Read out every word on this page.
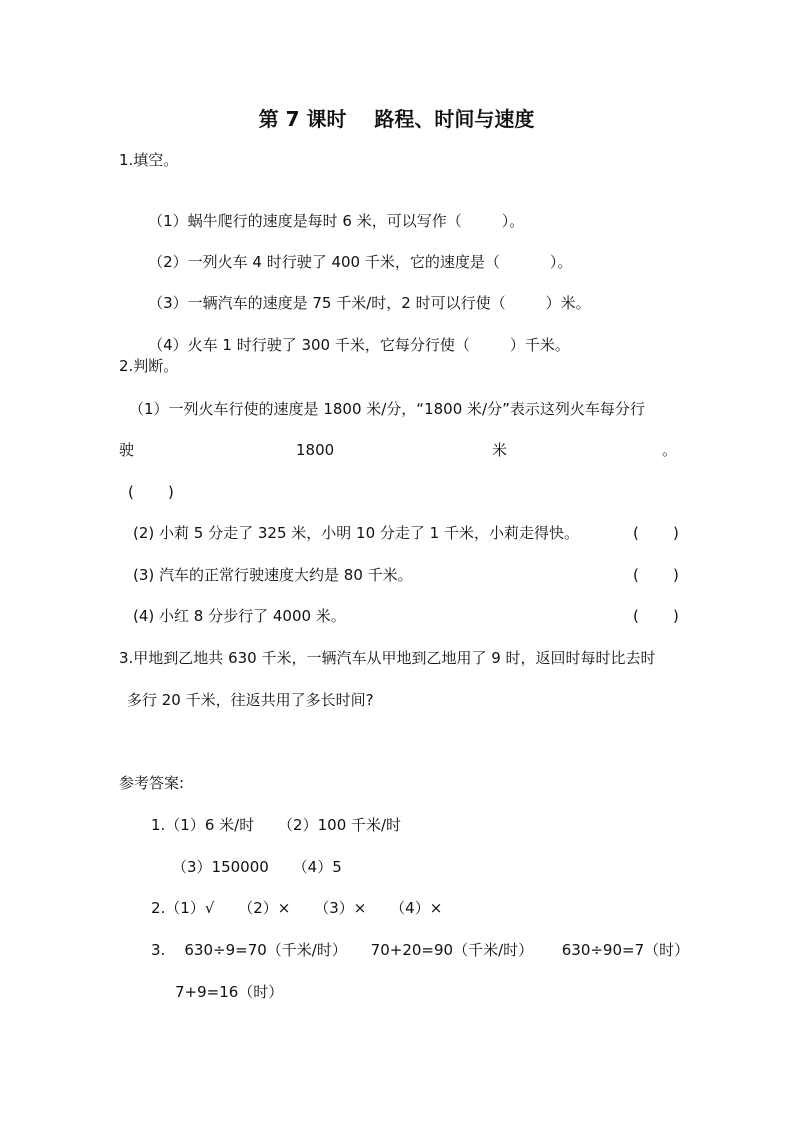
第 7 课时    路程、时间与速度
1.填空。

（1）蜗牛爬行的速度是每时 6 米，可以写作（	）。

（2）一列火车 4 时行驶了 400 千米，它的速度是（	）。

（3）一辆汽车的速度是 75 千米/时，2 时可以行使（	）米。

（4）火车 1 时行驶了 300 千米，它每分行使（	）千米。

2.判断。
（1）一列火车行使的速度是 1800 米/分，“1800 米/分”表示这列火车每分行
驶	1800	米	。
( )
(2) 小莉 5 分走了 325 米，小明 10 分走了 1 千米，小莉走得快。	( )
(3) 汽车的正常行驶速度大约是 80 千米。	( )
(4) 小红 8 分步行了 4000 米。	( )
3.甲地到乙地共 630 千米，一辆汽车从甲地到乙地用了 9 时，返回时每时比去时
多行 20 千米，往返共用了多长时间?
参考答案:
1.（1）6 米/时     （2）100 千米/时
（3）150000     （4）5
2.（1）√     （2）×     （3）×     （4）×
3.    630÷9=70（千米/时）     70+20=90（千米/时）      630÷90=7（时）
7+9=16（时）
